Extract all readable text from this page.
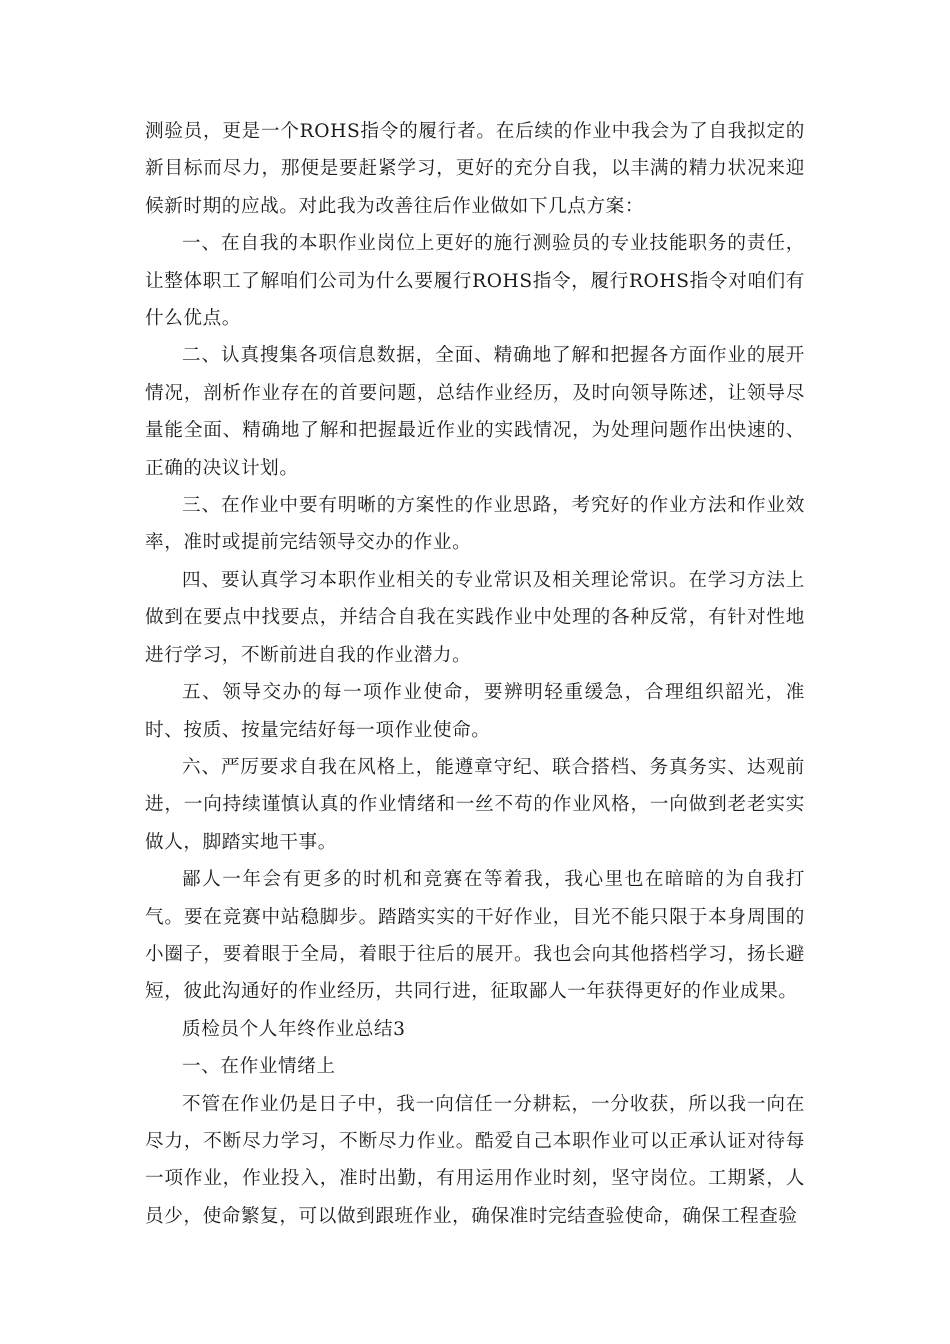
测验员，更是一个ROHS指令的履行者。在后续的作业中我会为了自我拟定的新目标而尽力，那便是要赶紧学习，更好的充分自我，以丰满的精力状况来迎候新时期的应战。对此我为改善往后作业做如下几点方案：

一、在自我的本职作业岗位上更好的施行测验员的专业技能职务的责任，让整体职工了解咱们公司为什么要履行ROHS指令，履行ROHS指令对咱们有什么优点。

二、认真搜集各项信息数据，全面、精确地了解和把握各方面作业的展开情况，剖析作业存在的首要问题，总结作业经历，及时向领导陈述，让领导尽量能全面、精确地了解和把握最近作业的实践情况，为处理问题作出快速的、正确的决议计划。

三、在作业中要有明晰的方案性的作业思路，考究好的作业方法和作业效率，准时或提前完结领导交办的作业。

四、要认真学习本职作业相关的专业常识及相关理论常识。在学习方法上做到在要点中找要点，并结合自我在实践作业中处理的各种反常，有针对性地进行学习，不断前进自我的作业潜力。

五、领导交办的每一项作业使命，要辨明轻重缓急，合理组织韶光，准时、按质、按量完结好每一项作业使命。

六、严厉要求自我在风格上，能遵章守纪、联合搭档、务真务实、达观前进，一向持续谨慎认真的作业情绪和一丝不苟的作业风格，一向做到老老实实做人，脚踏实地干事。

鄙人一年会有更多的时机和竞赛在等着我，我心里也在暗暗的为自我打气。要在竞赛中站稳脚步。踏踏实实的干好作业，目光不能只限于本身周围的小圈子，要着眼于全局，着眼于往后的展开。我也会向其他搭档学习，扬长避短，彼此沟通好的作业经历，共同行进，征取鄙人一年获得更好的作业成果。

质检员个人年终作业总结3

一、在作业情绪上

不管在作业仍是日子中，我一向信任一分耕耘，一分收获，所以我一向在尽力，不断尽力学习，不断尽力作业。酷爱自己本职作业可以正承认证对待每一项作业，作业投入，准时出勤，有用运用作业时刻，坚守岗位。工期紧，人员少，使命繁复，可以做到跟班作业，确保准时完结查验使命，确保工程查验
